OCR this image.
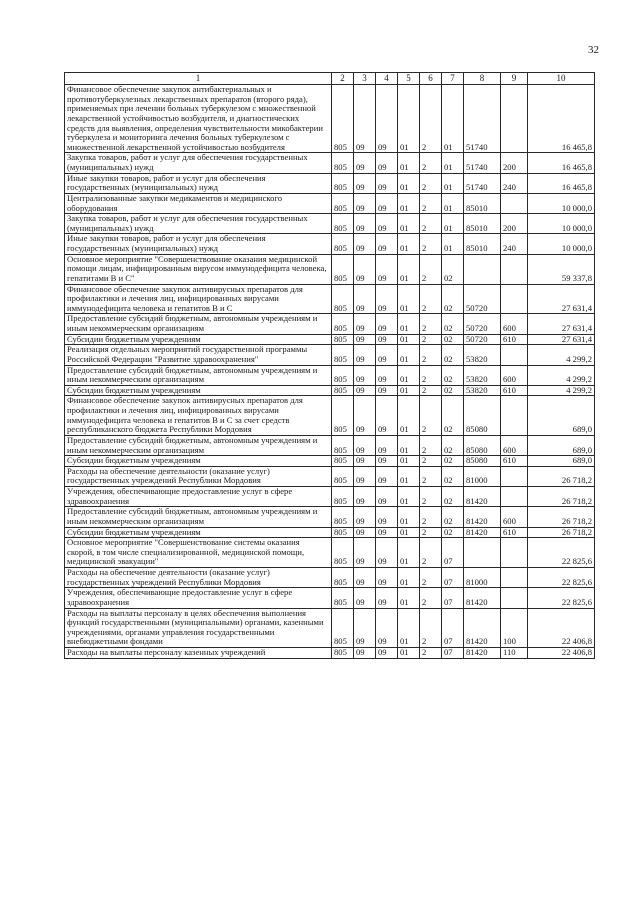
32
1	2	3	4	5	6	7	8	9	10
Финансовое обеспечение закупок антибактериальных и противотуберкулезных лекарственных препаратов (второго ряда), применяемых при лечении больных туберкулезом с множественной лекарственной устойчивостью возбудителя, и диагностических средств для выявления, определения чувствительности микобактерии туберкулеза и мониторинга лечения больных туберкулезом с множественной лекарственной устойчивостью возбудителя	805	09	09	01	2	01	51740		16 465,8
Закупка товаров, работ и услуг для обеспечения государственных (муниципальных) нужд	805	09	09	01	2	01	51740	200	16 465,8
Иные закупки товаров, работ и услуг для обеспечения государственных (муниципальных) нужд	805	09	09	01	2	01	51740	240	16 465,8
Централизованные закупки медикаментов и медицинского оборудования	805	09	09	01	2	01	85010		10 000,0
Закупка товаров, работ и услуг для обеспечения государственных (муниципальных) нужд	805	09	09	01	2	01	85010	200	10 000,0
Иные закупки товаров, работ и услуг для обеспечения государственных (муниципальных) нужд	805	09	09	01	2	01	85010	240	10 000,0
Основное мероприятие "Совершенствование оказания медицинской помощи лицам, инфицированным вирусом иммунодефицита человека, гепатитами В и С"	805	09	09	01	2	02			59 337,8
Финансовое обеспечение закупок антивирусных препаратов для профилактики и лечения лиц, инфицированных вирусами иммунодефицита человека и гепатитов В и С	805	09	09	01	2	02	50720		27 631,4
Предоставление субсидий бюджетным, автономным учреждениям и иным некоммерческим организациям	805	09	09	01	2	02	50720	600	27 631,4
Субсидии бюджетным учреждениям	805	09	09	01	2	02	50720	610	27 631,4
Реализация отдельных мероприятий государственной программы Российской Федерации "Развитие здравоохранения"	805	09	09	01	2	02	53820		4 299,2
Предоставление субсидий бюджетным, автономным учреждениям и иным некоммерческим организациям	805	09	09	01	2	02	53820	600	4 299,2
Субсидии бюджетным учреждениям	805	09	09	01	2	02	53820	610	4 299,2
Финансовое обеспечение закупок антивирусных препаратов для профилактики и лечения лиц, инфицированных вирусами иммунодефицита человека и гепатитов В и С за счет средств республиканского бюджета Республики Мордовия	805	09	09	01	2	02	85080		689,0
Предоставление субсидий бюджетным, автономным учреждениям и иным некоммерческим организациям	805	09	09	01	2	02	85080	600	689,0
Субсидии бюджетным учреждениям	805	09	09	01	2	02	85080	610	689,0
Расходы на обеспечение деятельности (оказание услуг) государственных учреждений Республики Мордовия	805	09	09	01	2	02	81000		26 718,2
Учреждения, обеспечивающие предоставление услуг в сфере здравоохранения	805	09	09	01	2	02	81420		26 718,2
Предоставление субсидий бюджетным, автономным учреждениям и иным некоммерческим организациям	805	09	09	01	2	02	81420	600	26 718,2
Субсидии бюджетным учреждениям	805	09	09	01	2	02	81420	610	26 718,2
Основное мероприятие "Совершенствование системы оказания скорой, в том числе специализированной, медицинской помощи, медицинской эвакуации"	805	09	09	01	2	07			22 825,6
Расходы на обеспечение деятельности (оказание услуг) государственных учреждений Республики Мордовия	805	09	09	01	2	07	81000		22 825,6
Учреждения, обеспечивающие предоставление услуг в сфере здравоохранения	805	09	09	01	2	07	81420		22 825,6
Расходы на выплаты персоналу в целях обеспечения выполнения функций государственными (муниципальными) органами, казенными учреждениями, органами управления государственными внебюджетными фондами	805	09	09	01	2	07	81420	100	22 406,8
Расходы на выплаты персоналу казенных учреждений	805	09	09	01	2	07	81420	110	22 406,8
